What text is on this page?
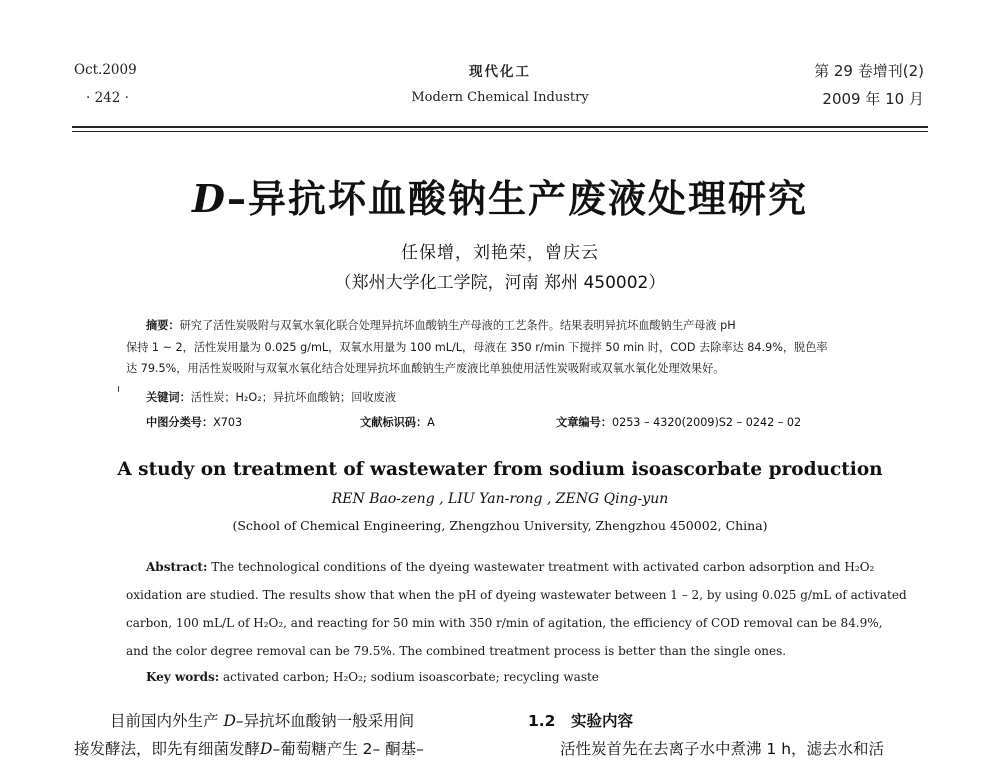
Oct.2009
· 242 ·
现代化工
Modern Chemical Industry
第 29 卷增刊(2)
2009 年 10 月
D–异抗坏血酸钠生产废液处理研究
任保增，刘艳荣，曾庆云
（郑州大学化工学院，河南 郑州 450002）
摘要：研究了活性炭吸附与双氧水氧化联合处理异抗坏血酸钠生产母液的工艺条件。结果表明异抗坏血酸钠生产母液 pH
保持 1 ~ 2，活性炭用量为 0.025 g/mL，双氧水用量为 100 mL/L，母液在 350 r/min 下搅拌 50 min 时，COD 去除率达 84.9%，脱色率
达 79.5%，用活性炭吸附与双氧水氧化结合处理异抗坏血酸钠生产废液比单独使用活性炭吸附或双氧水氧化处理效果好。
关键词：活性炭；H₂O₂；异抗坏血酸钠；回收废液
中图分类号：X703	文献标识码：A	文章编号：0253 – 4320(2009)S2 – 0242 – 02
A study on treatment of wastewater from sodium isoascorbate production
REN Bao-zeng , LIU Yan-rong , ZENG Qing-yun
(School of Chemical Engineering, Zhengzhou University, Zhengzhou 450002, China)
Abstract: The technological conditions of the dyeing wastewater treatment with activated carbon adsorption and H₂O₂
oxidation are studied. The results show that when the pH of dyeing wastewater between 1 – 2, by using 0.025 g/mL of activated
carbon, 100 mL/L of H₂O₂, and reacting for 50 min with 350 r/min of agitation, the efficiency of COD removal can be 84.9%,
and the color degree removal can be 79.5%. The combined treatment process is better than the single ones.
Key words: activated carbon; H₂O₂; sodium isoascorbate; recycling waste
目前国内外生产 D–异抗坏血酸钠一般采用间
接发酵法，即先有细菌发酵D–葡萄糖产生 2– 酮基–
1.2　实验内容
活性炭首先在去离子水中煮沸 1 h，滤去水和活
